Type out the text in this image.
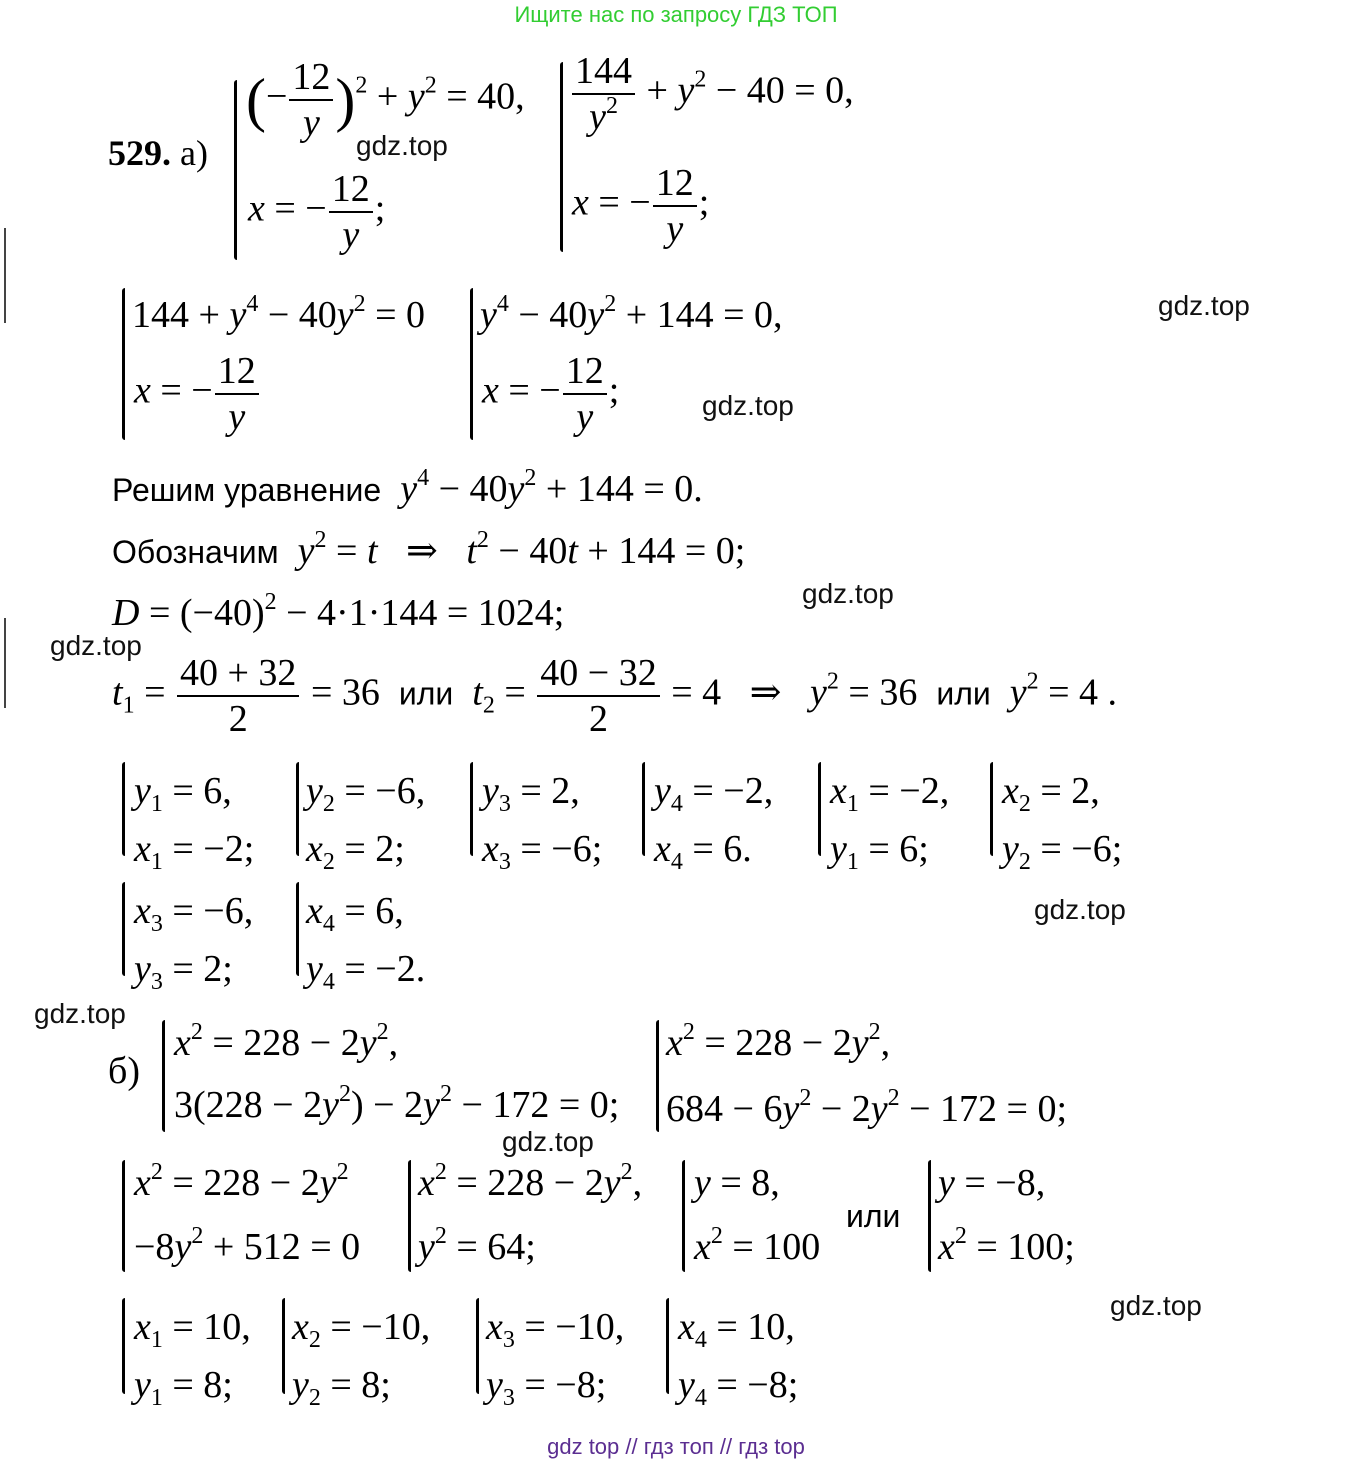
Ищите нас по запросу ГДЗ ТОП
529. а)
(− $\frac{12}{y} )^2 + y^2 = 40$,
x = − $\frac{12}{y}$ ;
$\frac{144}{y^2} + y^2 - 40 = 0$,
x = − $\frac{12}{y}$ ;
gdz.top
$144 + y^4 - 40y^2 = 0$
x = − $\frac{12}{y}$
$y^4 - 40y^2 + 144 = 0$,
x = − $\frac{12}{y}$ ;
gdz.top
gdz.top
Решим уравнение $y^4 - 40y^2 + 144 = 0$.
Обозначим $y^2 = t$   ⇒   $t^2 - 40t + 144 = 0$;
$D = (-40)^2 - 4\cdot 1\cdot 144 = 1024$;	gdz.top
gdz.top
$t_1 = \frac{40 + 32}{2} = 36$  или $t_2 = \frac{40 - 32}{2} = 4$   ⇒   $y^2 = 36$  или $y^2 = 4$ .
$y_1 = 6$,
$x_1 = -2$;
$y_2 = -6$,
$x_2 = 2$;
$y_3 = 2$,
$x_3 = -6$;
$y_4 = -2$,
$x_4 = 6$.
$x_1 = -2$,
$y_1 = 6$;
$x_2 = 2$,
$y_2 = -6$;
$x_3 = -6$,
$y_3 = 2$;
$x_4 = 6$,
$y_4 = -2$.
gdz.top
gdz.top
б)
$x^2 = 228 - 2y^2$,
$3(228 - 2y^2) - 2y^2 - 172 = 0$;
$x^2 = 228 - 2y^2$,
$684 - 6y^2 - 2y^2 - 172 = 0$;
gdz.top
$x^2 = 228 - 2y^2$
$-8y^2 + 512 = 0$
$x^2 = 228 - 2y^2$,
$y^2 = 64$;
y = 8,
$x^2 = 100$
или
y = −8,
$x^2 = 100$;
gdz.top
$x_1 = 10$,
$y_1 = 8$;
$x_2 = -10$,
$y_2 = 8$;
$x_3 = -10$,
$y_3 = -8$;
$x_4 = 10$,
$y_4 = -8$;
gdz top // гдз топ // гдз top
